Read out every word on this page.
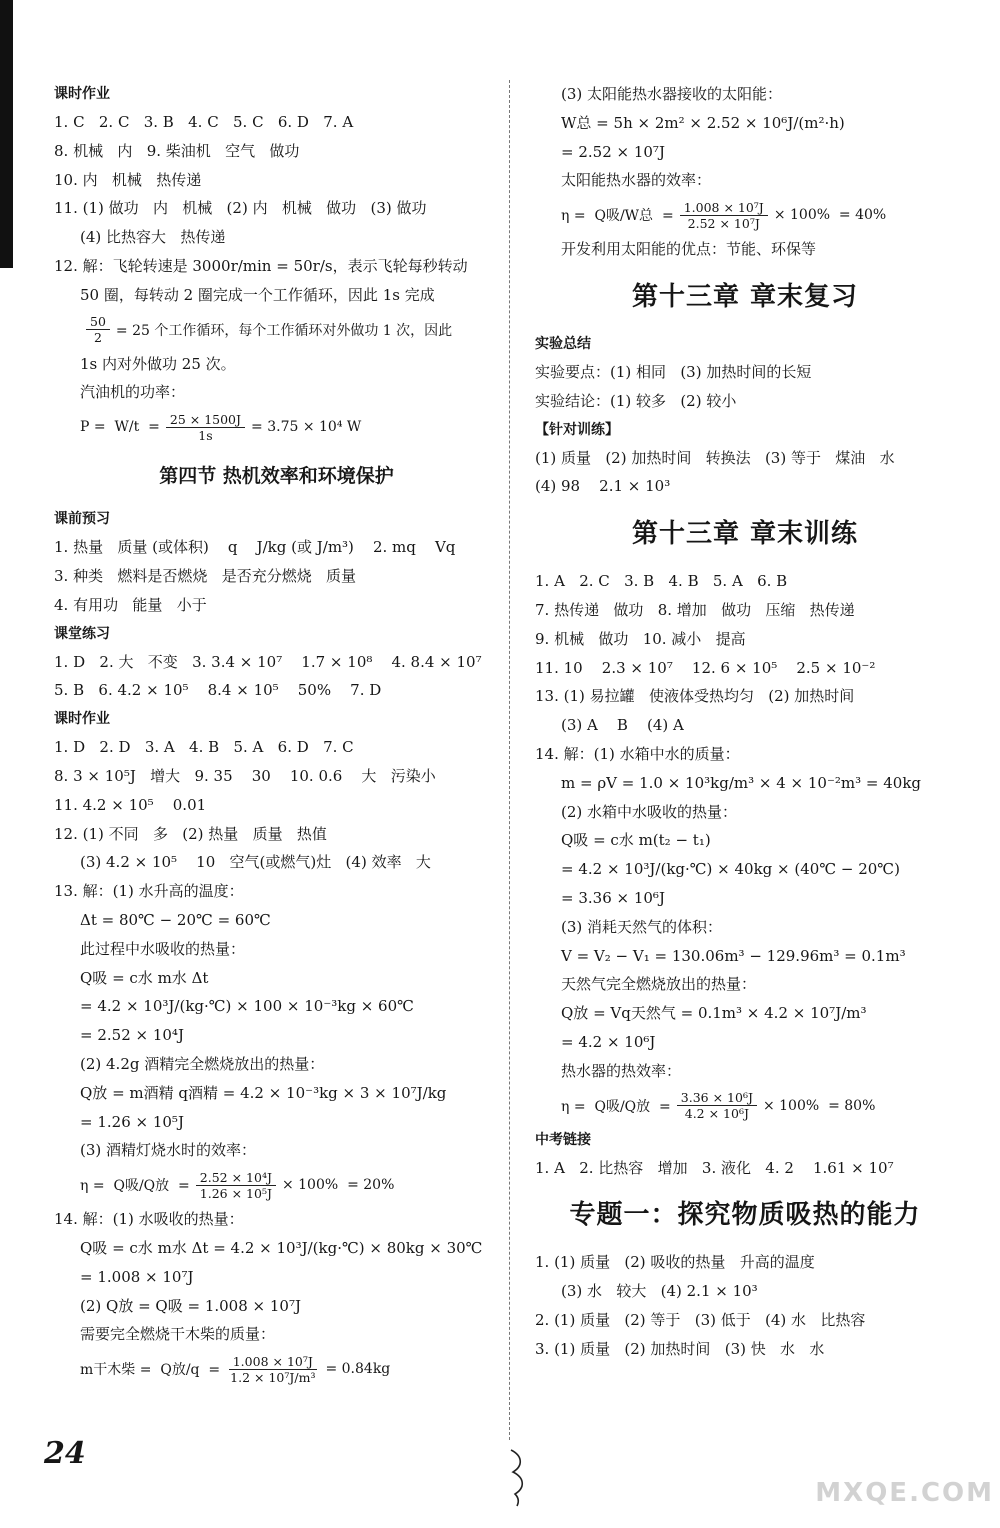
课时作业
1. C   2. C   3. B   4. C   5. C   6. D   7. A
8. 机械   内   9. 柴油机   空气   做功
10. 内   机械   热传递
11. (1) 做功   内   机械   (2) 内   机械   做功   (3) 做功
(4) 比热容大   热传递
12. 解：飞轮转速是 3000r/min = 50r/s，表示飞轮每秒转动
50 圈，每转动 2 圈完成一个工作循环，因此 1s 完成
$\frac{50}{2} = 25$ 个工作循环，每个工作循环对外做功 1 次，因此
1s 内对外做功 25 次。
汽油机的功率：
$P = W/t = \frac{25 \times 1500J}{1s} = 3.75 \times 10^4$ W
第四节 热机效率和环境保护
课前预习
1. 热量   质量 (或体积)    q    J/kg (或 J/m³)    2. mq    Vq
3. 种类   燃料是否燃烧   是否充分燃烧   质量
4. 有用功   能量   小于
课堂练习
1. D   2. 大   不变   3. 3.4 × 10⁷    1.7 × 10⁸    4. 8.4 × 10⁷
5. B   6. 4.2 × 10⁵    8.4 × 10⁵    50%    7. D
课时作业
1. D   2. D   3. A   4. B   5. A   6. D   7. C
8. 3 × 10⁵J   增大   9. 35    30    10. 0.6    大   污染小
11. 4.2 × 10⁵    0.01
12. (1) 不同   多   (2) 热量   质量   热值
(3) 4.2 × 10⁵    10   空气(或燃气)灶   (4) 效率   大
13. 解：(1) 水升高的温度：
Δt = 80℃ − 20℃ = 60℃
此过程中水吸收的热量：
Q吸 = c水 m水 Δt
= 4.2 × 10³J/(kg·℃) × 100 × 10⁻³kg × 60℃
= 2.52 × 10⁴J
(2) 4.2g 酒精完全燃烧放出的热量：
Q放 = m酒精 q酒精 = 4.2 × 10⁻³kg × 3 × 10⁷J/kg
= 1.26 × 10⁵J
(3) 酒精灯烧水时的效率：
η =  Q吸/Q放  = $\frac{\text{2.52 × 10⁴J}}{\text{1.26 × 10⁵J}} \times 100\% = 20\%$
14. 解：(1) 水吸收的热量：
Q吸 = c水 m水 Δt = 4.2 × 10³J/(kg·℃) × 80kg × 30℃
= 1.008 × 10⁷J
(2) Q放 = Q吸 = 1.008 × 10⁷J
需要完全燃烧干木柴的质量：
m干木柴 =  Q放$/q = \frac{\text{1.008 × 10⁷J}}{\text{1.2 × 10⁷J/m³}} = 0.84kg$
(3) 太阳能热水器接收的太阳能：
W总 = 5h × 2m² × 2.52 × 10⁶J/(m²·h)
= 2.52 × 10⁷J
太阳能热水器的效率：
η =  Q吸/W总  = $\frac{\text{1.008 × 10⁷J}}{\text{2.52 × 10⁷J}} \times 100\% = 40\%$
开发利用太阳能的优点：节能、环保等
第十三章 章末复习
实验总结
实验要点：(1) 相同   (3) 加热时间的长短
实验结论：(1) 较多   (2) 较小
【针对训练】
(1) 质量   (2) 加热时间   转换法   (3) 等于   煤油   水
(4) 98    2.1 × 10³
第十三章 章末训练
1. A   2. C   3. B   4. B   5. A   6. B
7. 热传递   做功   8. 增加   做功   压缩   热传递
9. 机械   做功   10. 减小   提高
11. 10    2.3 × 10⁷    12. 6 × 10⁵    2.5 × 10⁻²
13. (1) 易拉罐   使液体受热均匀   (2) 加热时间
(3) A    B    (4) A
14. 解：(1) 水箱中水的质量：
m = ρV = 1.0 × 10³kg/m³ × 4 × 10⁻²m³ = 40kg
(2) 水箱中水吸收的热量：
Q吸 = c水 m(t₂ − t₁)
= 4.2 × 10³J/(kg·℃) × 40kg × (40℃ − 20℃)
= 3.36 × 10⁶J
(3) 消耗天然气的体积：
V = V₂ − V₁ = 130.06m³ − 129.96m³ = 0.1m³
天然气完全燃烧放出的热量：
Q放 = Vq天然气 = 0.1m³ × 4.2 × 10⁷J/m³
= 4.2 × 10⁶J
热水器的热效率：
η =  Q吸/Q放  = $\frac{\text{3.36 × 10⁶J}}{\text{4.2 × 10⁶J}} \times 100\% = 80\%$
中考链接
1. A   2. 比热容   增加   3. 液化   4. 2    1.61 × 10⁷
专题一：探究物质吸热的能力
1. (1) 质量   (2) 吸收的热量   升高的温度
(3) 水   较大   (4) 2.1 × 10³
2. (1) 质量   (2) 等于   (3) 低于   (4) 水   比热容
3. (1) 质量   (2) 加热时间   (3) 快   水   水
24
MXQE.COM
